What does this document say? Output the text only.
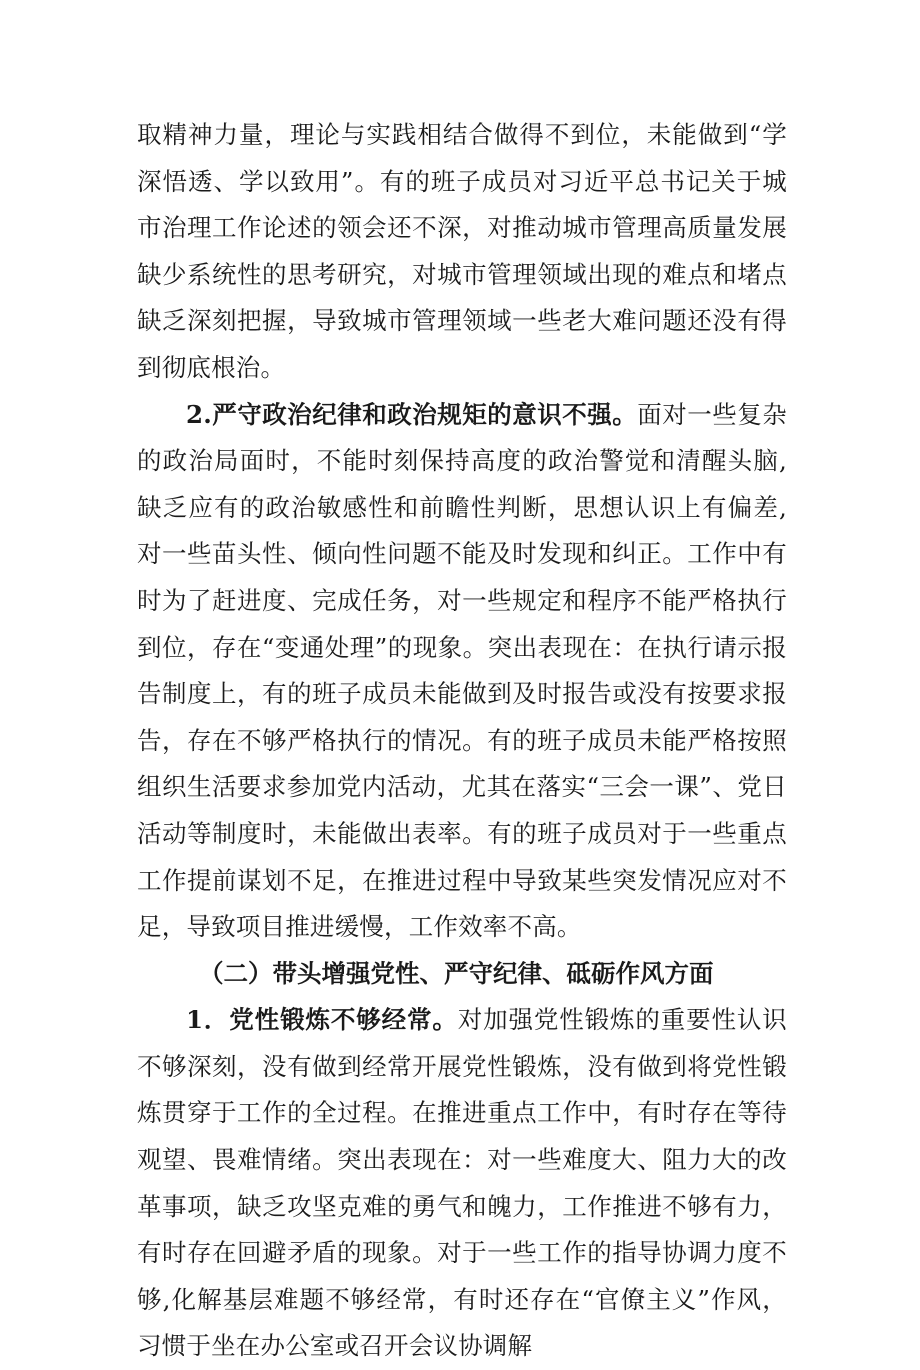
取精神力量，理论与实践相结合做得不到位，未能做到“学深悟透、学以致用”。有的班子成员对习近平总书记关于城市治理工作论述的领会还不深，对推动城市管理高质量发展缺少系统性的思考研究，对城市管理领域出现的难点和堵点缺乏深刻把握，导致城市管理领域一些老大难问题还没有得到彻底根治。

2.严守政治纪律和政治规矩的意识不强。面对一些复杂的政治局面时，不能时刻保持高度的政治警觉和清醒头脑,缺乏应有的政治敏感性和前瞻性判断，思想认识上有偏差,对一些苗头性、倾向性问题不能及时发现和纠正。工作中有时为了赶进度、完成任务，对一些规定和程序不能严格执行到位，存在“变通处理”的现象。突出表现在：在执行请示报告制度上，有的班子成员未能做到及时报告或没有按要求报告，存在不够严格执行的情况。有的班子成员未能严格按照组织生活要求参加党内活动，尤其在落实“三会一课”、党日活动等制度时，未能做出表率。有的班子成员对于一些重点工作提前谋划不足，在推进过程中导致某些突发情况应对不足，导致项目推进缓慢，工作效率不高。

（二）带头增强党性、严守纪律、砥砺作风方面

1．党性锻炼不够经常。对加强党性锻炼的重要性认识不够深刻，没有做到经常开展党性锻炼，没有做到将党性锻炼贯穿于工作的全过程。在推进重点工作中，有时存在等待观望、畏难情绪。突出表现在：对一些难度大、阻力大的改革事项，缺乏攻坚克难的勇气和魄力，工作推进不够有力，有时存在回避矛盾的现象。对于一些工作的指导协调力度不够,化解基层难题不够经常，有时还存在“官僚主义”作风，习惯于坐在办公室或召开会议协调解
